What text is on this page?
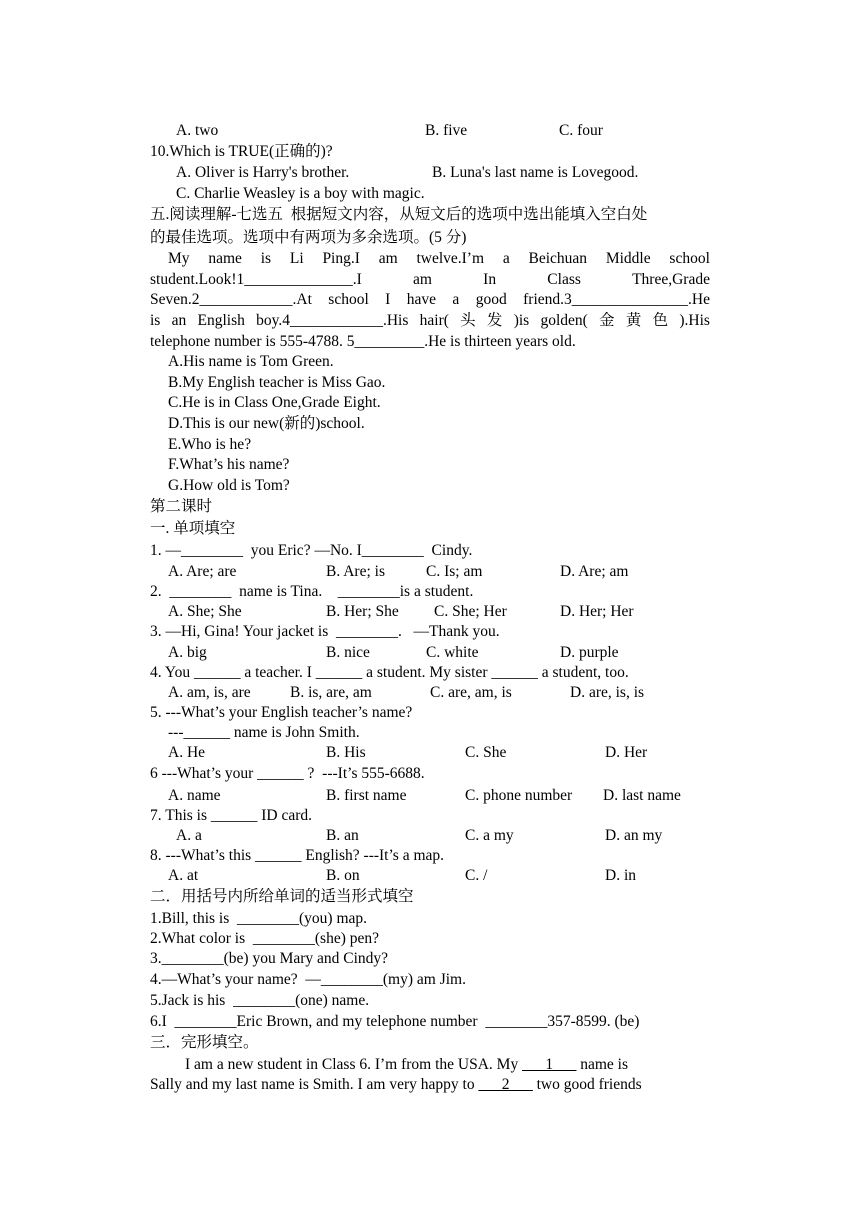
A. two	B. five	C. four
10.Which is TRUE(正确的)?
A. Oliver is Harry's brother.	B. Luna's last name is Lovegood.
C. Charlie Weasley is a boy with magic.
五.阅读理解-七选五  根据短文内容，从短文后的选项中选出能填入空白处
的最佳选项。选项中有两项为多余选项。(5 分)
My name is Li Ping.I am twelve.I’m a Beichuan Middle school
student.Look!1______________.I	am	In	Class	Three,Grade
Seven.2____________.At school I have a good friend.3_______________.He
is an English boy.4____________.His hair( 头 发 )is golden( 金 黄 色 ).His
telephone number is 555-4788. 5_________.He is thirteen years old.
A.His name is Tom Green.
B.My English teacher is Miss Gao.
C.He is in Class One,Grade Eight.
D.This is our new(新的)school.
E.Who is he?
F.What’s his name?
G.How old is Tom?
第二课时
一. 单项填空
1. —________  you Eric? —No. I________  Cindy.
A. Are; are	B. Are; is	C. Is; am	D. Are; am
2.  ________  name is Tina.    ________is a student.
A. She; She	B. Her; She C. She; Her	D. Her; Her
3. —Hi, Gina! Your jacket is  ________.   —Thank you.
A. big	B. nice	C. white	D. purple
4. You ______ a teacher. I ______ a student. My sister ______ a student, too.
A. am, is, are	B. is, are, am	C. are, am, is	D. are, is, is
5. ---What’s your English teacher’s name?
---______ name is John Smith.
A. He	B. His	C. She	D. Her
6 ---What’s your ______ ?  ---It’s 555-6688.
A. name	B. first name	C. phone number D. last name
7. This is ______ ID card.
A. a	B. an	C. a my	D. an my
8. ---What’s this ______ English? ---It’s a map.
A. at	B. on	C. /	D. in
二．用括号内所给单词的适当形式填空
1.Bill, this is  ________(you) map.
2.What color is  ________(she) pen?
3.________(be) you Mary and Cindy?
4.—What’s your name?  —________(my) am Jim.
5.Jack is his  ________(one) name.
6.I  ________Eric Brown, and my telephone number  ________357-8599. (be)
三．完形填空。
I am a new student in Class 6. I’m from the USA. My ___1___ name is
Sally and my last name is Smith. I am very happy to ___2___ two good friends
